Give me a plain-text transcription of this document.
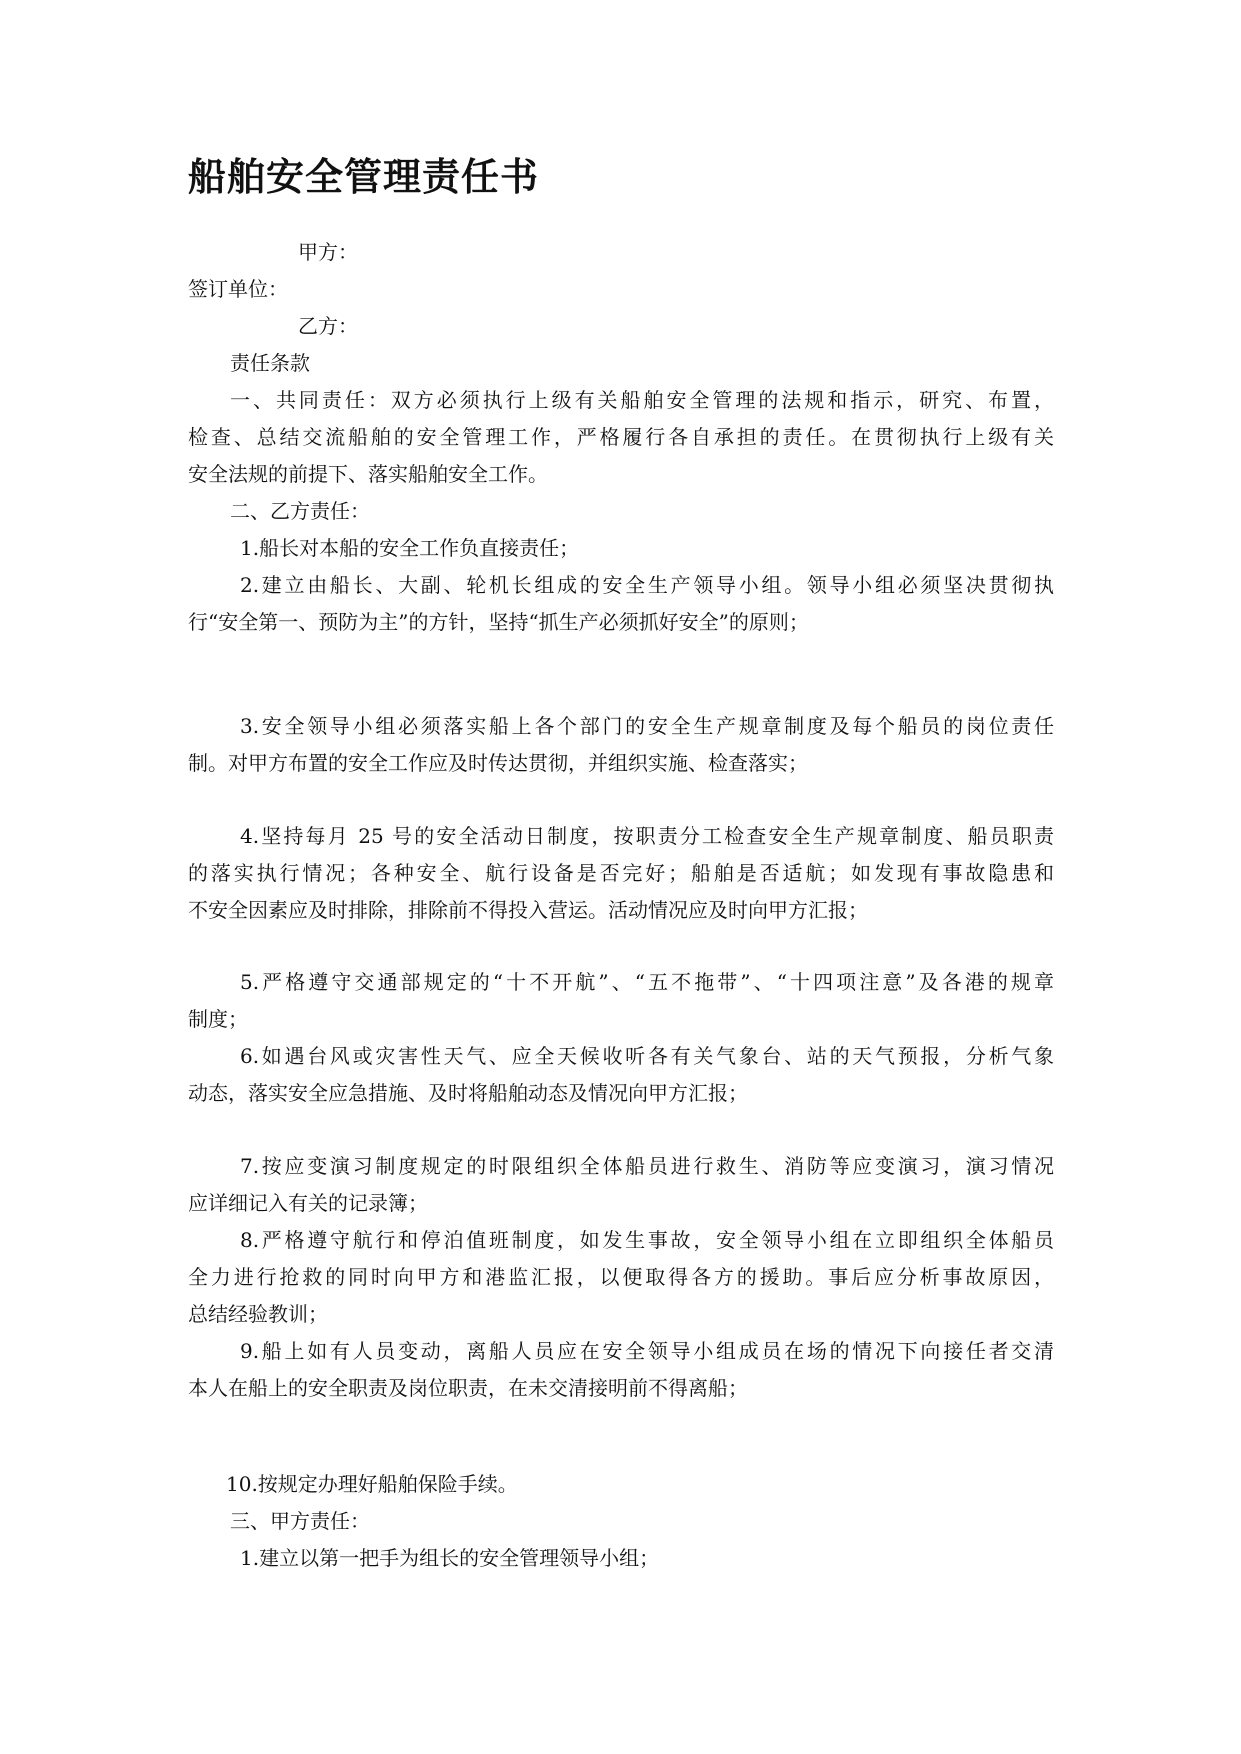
船舶安全管理责任书

甲方：

签订单位：

乙方：

责任条款

一、共同责任：双方必须执行上级有关船舶安全管理的法规和指示，研究、布置，
检查、总结交流船舶的安全管理工作，严格履行各自承担的责任。在贯彻执行上级有关
安全法规的前提下、落实船舶安全工作。

二、乙方责任：

1.船长对本船的安全工作负直接责任；
2.建立由船长、大副、轮机长组成的安全生产领导小组。领导小组必须坚决贯彻执
行“安全第一、预防为主”的方针，坚持“抓生产必须抓好安全”的原则；
3.安全领导小组必须落实船上各个部门的安全生产规章制度及每个船员的岗位责任
制。对甲方布置的安全工作应及时传达贯彻，并组织实施、检查落实；
4.坚持每月 25 号的安全活动日制度，按职责分工检查安全生产规章制度、船员职责
的落实执行情况；各种安全、航行设备是否完好；船舶是否适航；如发现有事故隐患和
不安全因素应及时排除，排除前不得投入营运。活动情况应及时向甲方汇报；
5.严格遵守交通部规定的“十不开航”、“五不拖带”、“十四项注意”及各港的规章
制度；
6.如遇台风或灾害性天气、应全天候收听各有关气象台、站的天气预报，分析气象
动态，落实安全应急措施、及时将船舶动态及情况向甲方汇报；
7.按应变演习制度规定的时限组织全体船员进行救生、消防等应变演习，演习情况
应详细记入有关的记录簿；
8.严格遵守航行和停泊值班制度，如发生事故，安全领导小组在立即组织全体船员
全力进行抢救的同时向甲方和港监汇报，以便取得各方的援助。事后应分析事故原因，
总结经验教训；
9.船上如有人员变动，离船人员应在安全领导小组成员在场的情况下向接任者交清
本人在船上的安全职责及岗位职责，在未交清接明前不得离船；
10.按规定办理好船舶保险手续。

三、甲方责任：

1.建立以第一把手为组长的安全管理领导小组；
